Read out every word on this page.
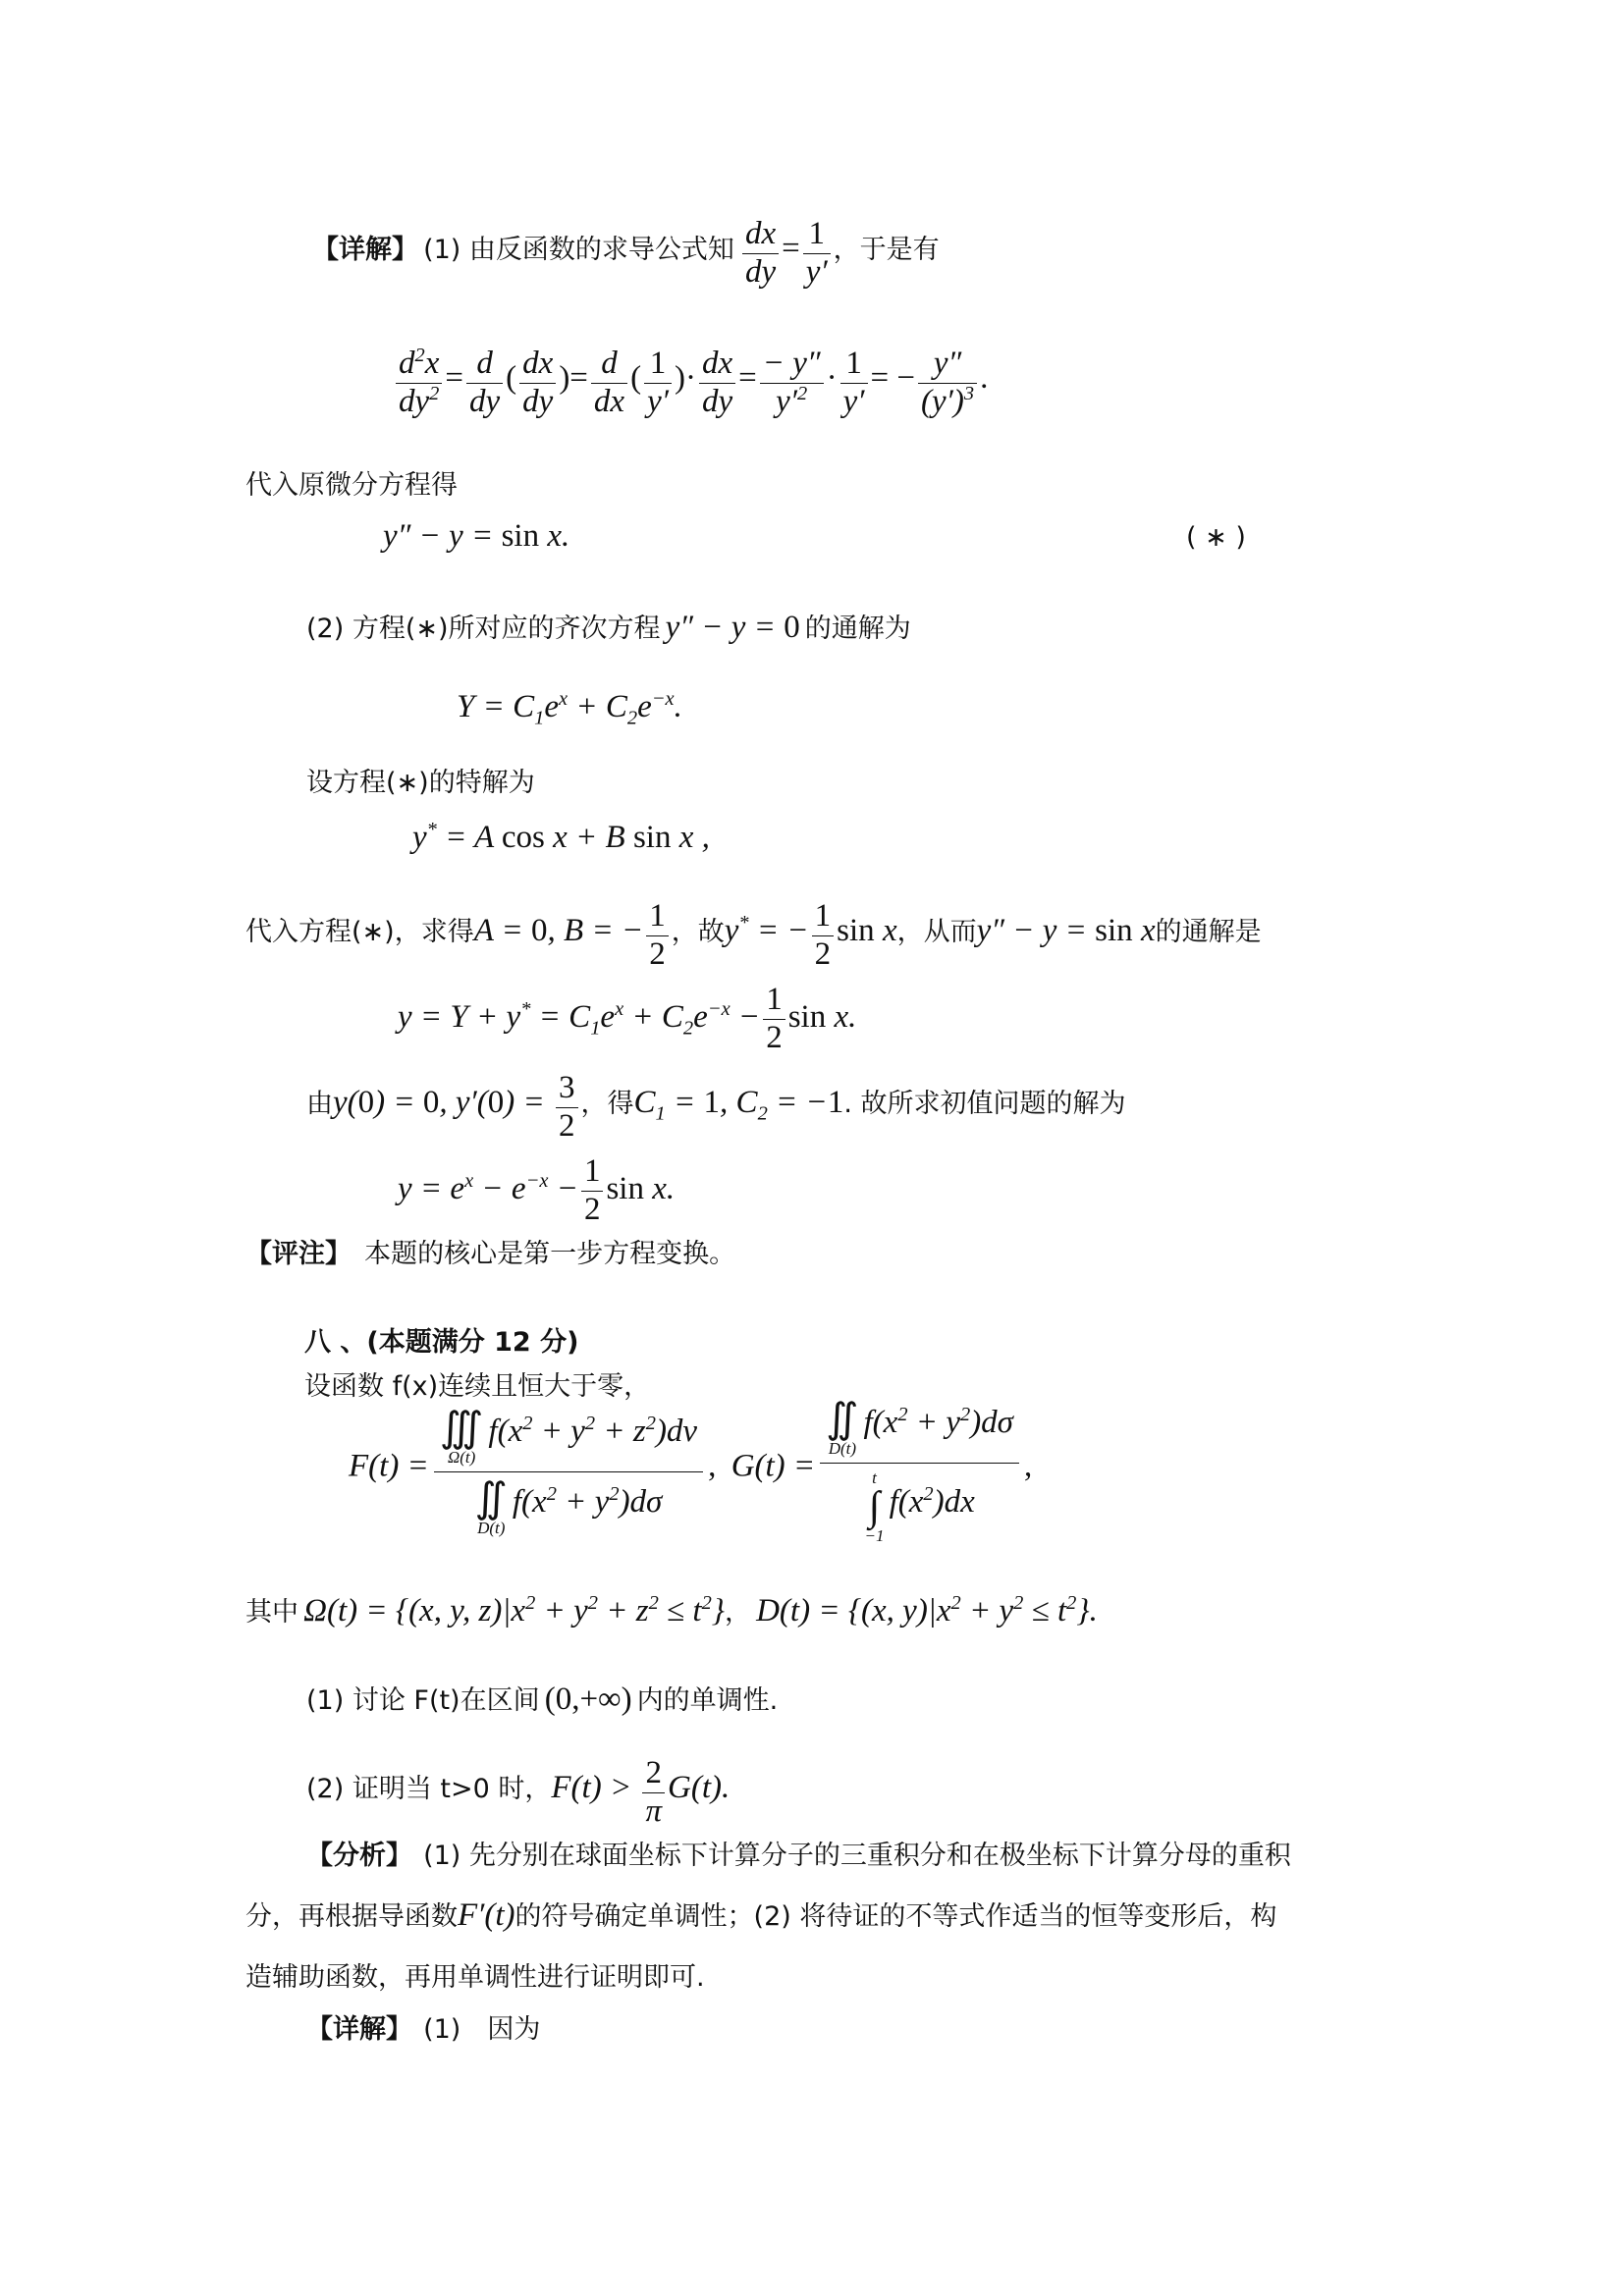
【详解】 (1) 由反函数的求导公式知 $\frac{dx}{dy} = \frac{1}{y'}$ ，于是有
$\frac{d^2x}{dy^2} = \frac{d}{dy}$ ( $\frac{dx}{dy}$ )= $\frac{d}{dx}$ ( $\frac{1}{y'}$ )· $\frac{dx}{dy} = \frac{- y''}{y'^2} \cdot \frac{1}{y'}$ = − $\frac{y''}{(y')^3}$ .
代入原微分方程得
y″ − y = sin x.	( ∗ )
(2) 方程(∗)所对应的齐次方程 y″ − y = 0 的通解为
$Y = C_1e^x + C_2e^{-x}$.
设方程(∗)的特解为
y* = A cos x + B sin x ,
代入方程(∗)，求得A = 0, B = − $\frac{1}{2}$ ，故y* = − $\frac{1}{2}$ sin x，从而y″ − y = sin x的通解是
$y = Y + y^* = C_1e^x + C_2e^{-x} - \frac{1}{2}$ sin x.
由y(0) = 0, $y'(0) = \frac{3}{2}$ ，得$C_1 = 1$, $C_2 = -1$. 故所求初值问题的解为
$y = e^x - e^{-x} - \frac{1}{2}$ sin x.
【评注】 本题的核心是第一步方程变换。
八 、(本题满分 12 分)
设函数 f(x)连续且恒大于零，
F(t) = ∭
Ω(t)
$f(x^2 + y^2 + z^2)dv$
∬
D(t)
$f(x^2 + y^2)d\sigma$ , G(t) = ∬
D(t)
$f(x^2 + y^2)d\sigma$
t
∫
−1
$f(x^2)dx$ ,
其中 Ω(t) = {(x, y, $z)|x^2 + y^2 + z^2 \le t^2$}， D(t) = {(x, $y)|x^2 + y^2 \le t^2$}.
(1) 讨论 F(t)在区间 (0,+∞) 内的单调性.
(2) 证明当 t>0 时，$F(t) > \frac{2}{\pi} G(t)$.
【分析】 (1) 先分别在球面坐标下计算分子的三重积分和在极坐标下计算分母的重积
分，再根据导函数F′(t)的符号确定单调性；(2) 将待证的不等式作适当的恒等变形后，构
造辅助函数，再用单调性进行证明即可.
【详解】 (1)　因为
